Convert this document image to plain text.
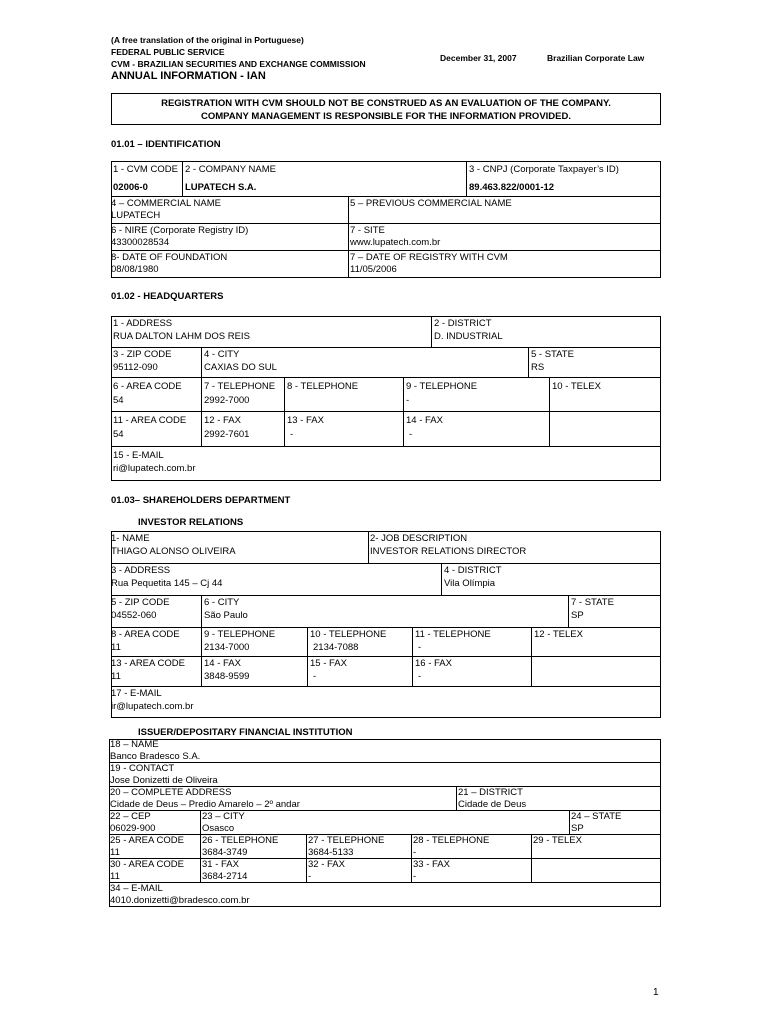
(A free translation of the original in Portuguese)
FEDERAL PUBLIC SERVICE
CVM - BRAZILIAN SECURITIES AND EXCHANGE COMMISSION
December 31, 2007	Brazilian Corporate Law
ANNUAL INFORMATION - IAN
REGISTRATION WITH CVM SHOULD NOT BE CONSTRUED AS AN EVALUATION OF THE COMPANY.
COMPANY MANAGEMENT IS RESPONSIBLE FOR THE INFORMATION PROVIDED.
01.01 – IDENTIFICATION
1 - CVM CODE
02006-0
2 - COMPANY NAME
LUPATECH S.A.
3 - CNPJ (Corporate Taxpayer’s ID)
89.463.822/0001-12
4 – COMMERCIAL NAME
LUPATECH
5 – PREVIOUS COMMERCIAL NAME
6 - NIRE (Corporate Registry ID)
43300028534
7 - SITE
www.lupatech.com.br
8- DATE OF FOUNDATION
08/08/1980
7 – DATE OF REGISTRY WITH CVM
11/05/2006
01.02 - HEADQUARTERS
1 - ADDRESS
RUA DALTON LAHM DOS REIS
2 - DISTRICT
D. INDUSTRIAL
3 - ZIP CODE
95112-090
4 - CITY
CAXIAS DO SUL
5 - STATE
RS
6 - AREA CODE
54
7 - TELEPHONE
2992-7000
8 - TELEPHONE	9 - TELEPHONE
-
10 - TELEX
11 - AREA CODE
54
12 - FAX
2992-7601
13 - FAX
-
14 - FAX
-
15 - E-MAIL
ri@lupatech.com.br
01.03– SHAREHOLDERS DEPARTMENT
INVESTOR RELATIONS
1- NAME
THIAGO ALONSO OLIVEIRA
2- JOB DESCRIPTION
INVESTOR RELATIONS DIRECTOR
3 - ADDRESS
Rua Pequetita 145 – Cj 44
4 - DISTRICT
Vila Olímpia
5 - ZIP CODE
04552-060
6 - CITY
São Paulo
7 - STATE
SP
8 - AREA CODE
11
9 - TELEPHONE
2134-7000
10 - TELEPHONE
2134-7088
11 - TELEPHONE
-
12 - TELEX
13 - AREA CODE
11
14 - FAX
3848-9599
15 - FAX
-
16 - FAX
-
17 - E-MAIL
ir@lupatech.com.br
ISSUER/DEPOSITARY FINANCIAL INSTITUTION
18 – NAME
Banco Bradesco S.A.
19 - CONTACT
Jose Donizetti de Oliveira
20 – COMPLETE ADDRESS
Cidade de Deus – Predio Amarelo – 2º andar
21 – DISTRICT
Cidade de Deus
22 – CEP
06029-900
23 – CITY
Osasco
24 – STATE
SP
25 - AREA CODE
11
26 - TELEPHONE
3684-3749
27 - TELEPHONE
3684-5133
28 - TELEPHONE
-
29 - TELEX
30 - AREA CODE
11
31 - FAX
3684-2714
32 - FAX
-
33 - FAX
-
34 – E-MAIL
4010.donizetti@bradesco.com.br
1
